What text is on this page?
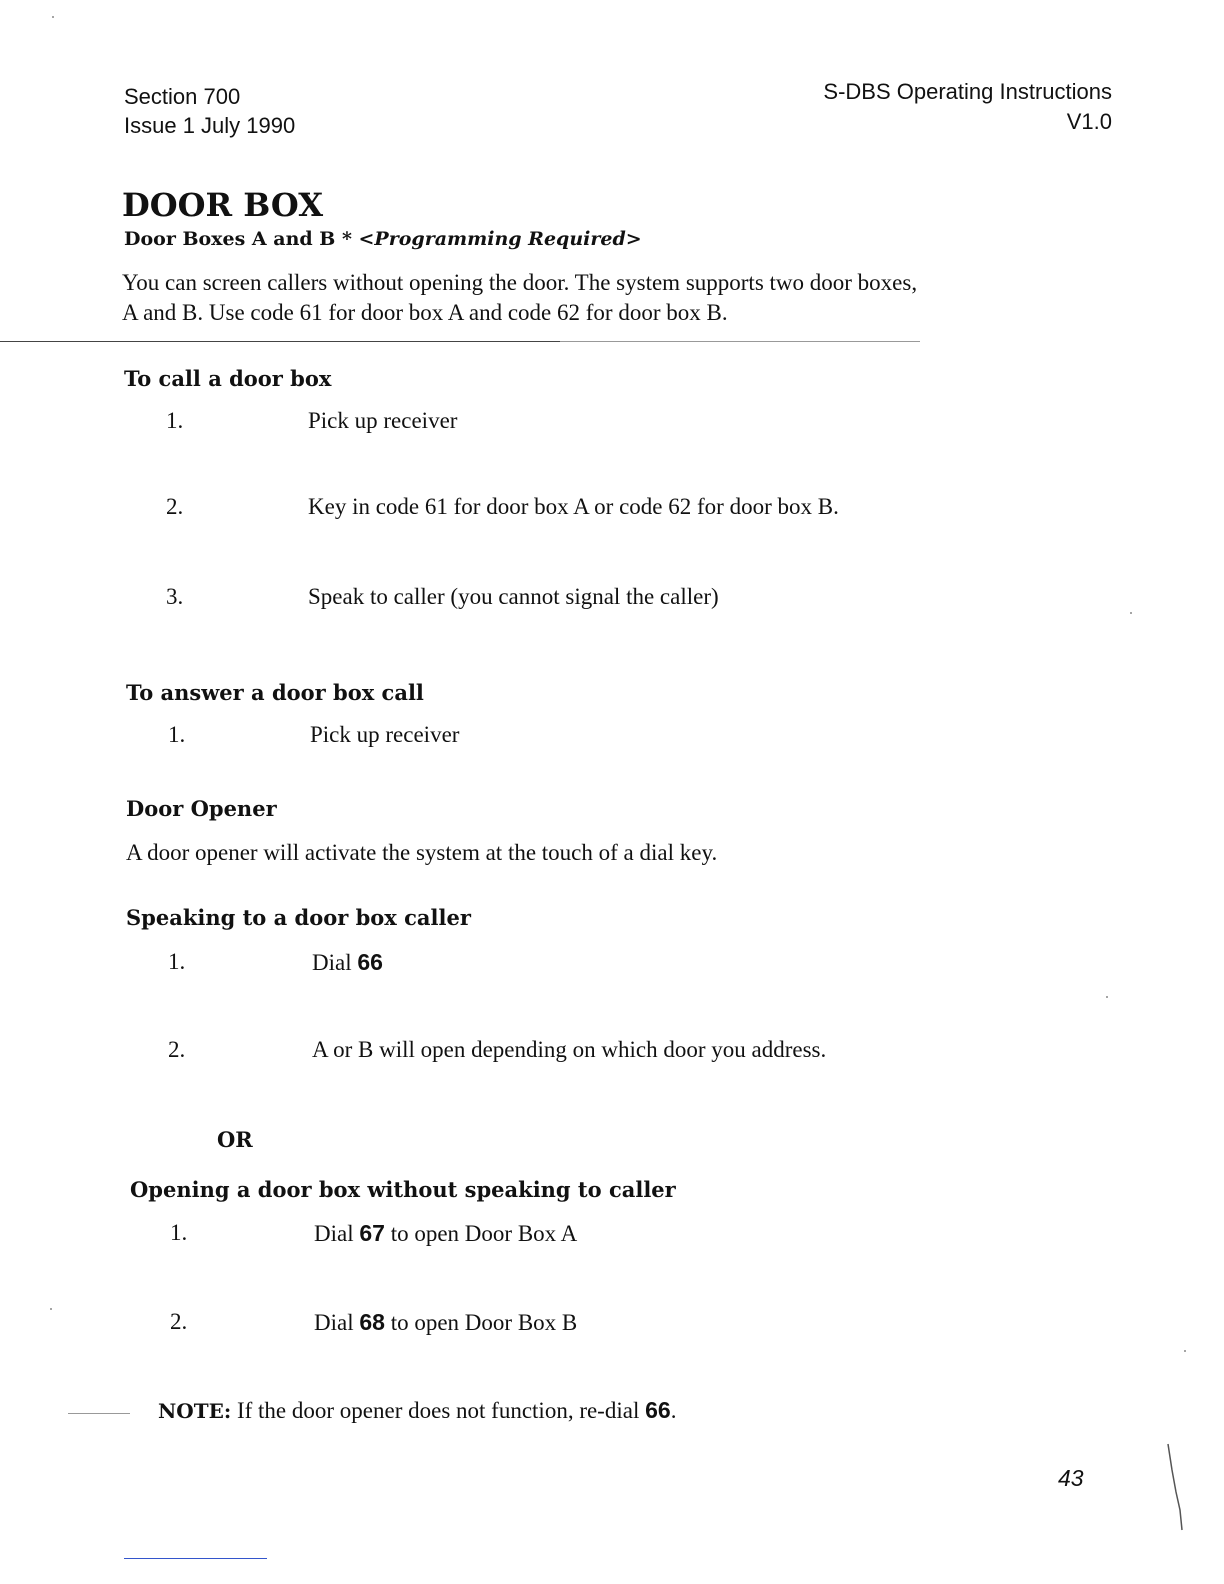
Section 700
Issue 1 July 1990
S-DBS Operating Instructions
V1.0
DOOR BOX
Door Boxes A and B * <Programming Required>
You can screen callers without opening the door. The system supports two door boxes,
A and B. Use code 61 for door box A and code 62 for door box B.
To call a door box
1.	Pick up receiver
2.	Key in code 61 for door box A or code 62 for door box B.
3.	Speak to caller (you cannot signal the caller)
To answer a door box call
1.	Pick up receiver
Door Opener
A door opener will activate the system at the touch of a dial key.
Speaking to a door box caller
1.	Dial 66
2.	A or B will open depending on which door you address.
OR
Opening a door box without speaking to caller
1.	Dial 67 to open Door Box A
2.	Dial 68 to open Door Box B
NOTE: If the door opener does not function, re-dial 66.
43
